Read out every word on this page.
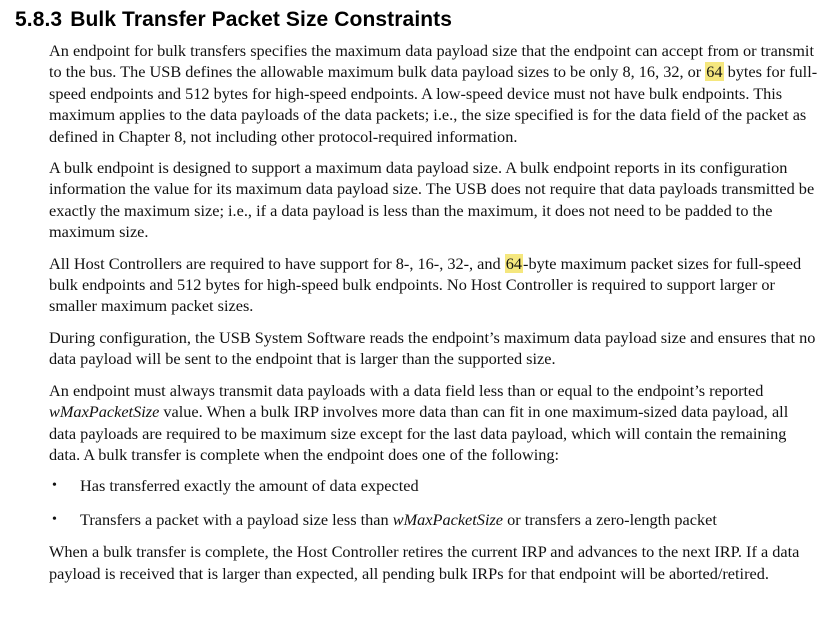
5.8.3 Bulk Transfer Packet Size Constraints

An endpoint for bulk transfers specifies the maximum data payload size that the endpoint can accept from or transmit to the bus. The USB defines the allowable maximum bulk data payload sizes to be only 8, 16, 32, or 64 bytes for full-speed endpoints and 512 bytes for high-speed endpoints. A low-speed device must not have bulk endpoints. This maximum applies to the data payloads of the data packets; i.e., the size specified is for the data field of the packet as defined in Chapter 8, not including other protocol-required information.

A bulk endpoint is designed to support a maximum data payload size. A bulk endpoint reports in its configuration information the value for its maximum data payload size. The USB does not require that data payloads transmitted be exactly the maximum size; i.e., if a data payload is less than the maximum, it does not need to be padded to the maximum size.

All Host Controllers are required to have support for 8-, 16-, 32-, and 64-byte maximum packet sizes for full-speed bulk endpoints and 512 bytes for high-speed bulk endpoints. No Host Controller is required to support larger or smaller maximum packet sizes.

During configuration, the USB System Software reads the endpoint’s maximum data payload size and ensures that no data payload will be sent to the endpoint that is larger than the supported size.

An endpoint must always transmit data payloads with a data field less than or equal to the endpoint’s reported wMaxPacketSize value. When a bulk IRP involves more data than can fit in one maximum-sized data payload, all data payloads are required to be maximum size except for the last data payload, which will contain the remaining data. A bulk transfer is complete when the endpoint does one of the following:

• Has transferred exactly the amount of data expected
• Transfers a packet with a payload size less than wMaxPacketSize or transfers a zero-length packet

When a bulk transfer is complete, the Host Controller retires the current IRP and advances to the next IRP. If a data payload is received that is larger than expected, all pending bulk IRPs for that endpoint will be aborted/retired.
